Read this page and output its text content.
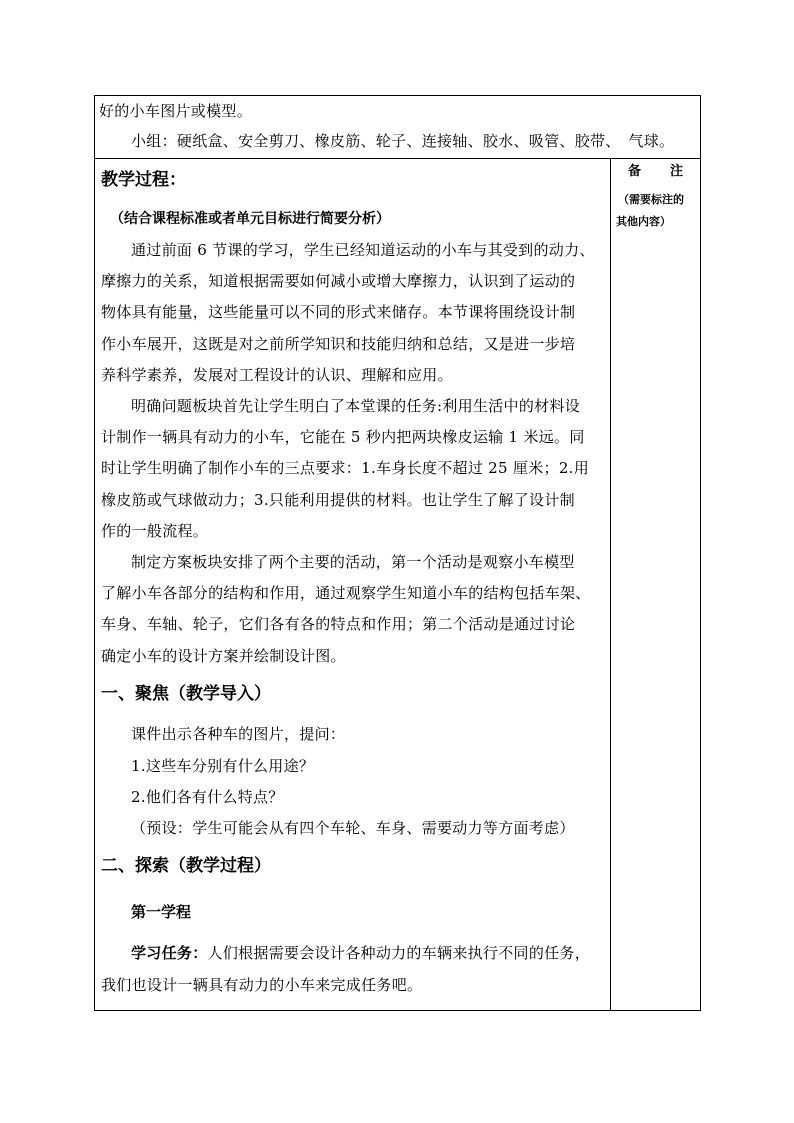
好的小车图片或模型。
小组：硬纸盒、安全剪刀、橡皮筋、轮子、连接轴、胶水、吸管、胶带、　气球。
备　注
（需要标注的
其他内容）
教学过程：
（结合课程标准或者单元目标进行简要分析）
通过前面 6 节课的学习，学生已经知道运动的小车与其受到的动力、
摩擦力的关系，知道根据需要如何减小或增大摩擦力，认识到了运动的
物体具有能量，这些能量可以不同的形式来储存。本节课将围绕设计制
作小车展开，这既是对之前所学知识和技能归纳和总结，又是进一步培
养科学素养，发展对工程设计的认识、理解和应用。
明确问题板块首先让学生明白了本堂课的任务:利用生活中的材料设
计制作一辆具有动力的小车，它能在 5 秒内把两块橡皮运输 1 米远。同
时让学生明确了制作小车的三点要求：1.车身长度不超过 25 厘米；2.用
橡皮筋或气球做动力；3.只能利用提供的材料。也让学生了解了设计制
作的一般流程。
制定方案板块安排了两个主要的活动，第一个活动是观察小车模型
了解小车各部分的结构和作用，通过观察学生知道小车的结构包括车架、
车身、车轴、轮子，它们各有各的特点和作用；第二个活动是通过讨论
确定小车的设计方案并绘制设计图。
一、聚焦（教学导入）
课件出示各种车的图片，提问：
1.这些车分别有什么用途？
2.他们各有什么特点？
（预设：学生可能会从有四个车轮、车身、需要动力等方面考虑）
二、探索（教学过程）
第一学程
学习任务：人们根据需要会设计各种动力的车辆来执行不同的任务，
我们也设计一辆具有动力的小车来完成任务吧。
